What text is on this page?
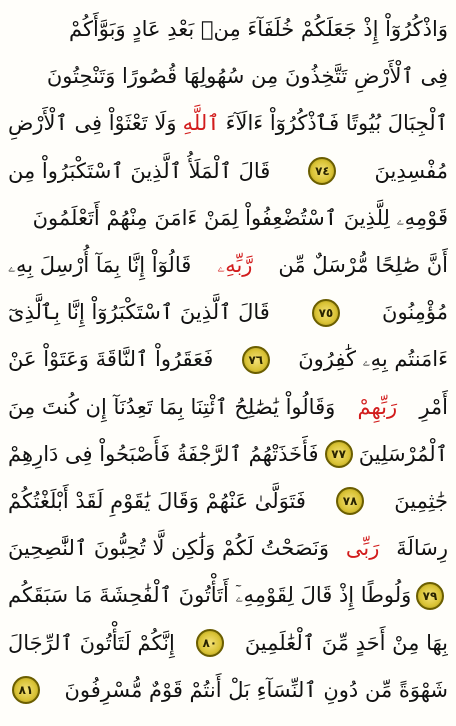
وَاذْكُرُوٓاْ إِذْ جَعَلَكُمْ خُلَفَآءَ مِنۢ بَعْدِ عَادٍ وَبَوَّأَكُمْ
فِى ٱلْأَرْضِ تَتَّخِذُونَ مِن سُهُولِهَا قُصُورًا وَتَنْحِتُونَ
ٱلْجِبَالَ بُيُوتًا فَٱذْكُرُوٓاْ ءَالَآءَ
ٱللَّهِ
وَلَا تَعْثَوْاْ فِى ٱلْأَرْضِ
مُفْسِدِينَ
٧٤
قَالَ ٱلْمَلَأُ ٱلَّذِينَ ٱسْتَكْبَرُواْ مِن
قَوْمِهِۦ لِلَّذِينَ ٱسْتُضْعِفُواْ لِمَنْ ءَامَنَ مِنْهُمْ أَتَعْلَمُونَ
أَنَّ صَٰلِحًا مُّرْسَلٌ مِّن
رَّبِّهِۦ
قَالُوٓاْ إِنَّا بِمَآ أُرْسِلَ بِهِۦ
مُؤْمِنُونَ
٧٥
قَالَ ٱلَّذِينَ ٱسْتَكْبَرُوٓاْ إِنَّا بِٱلَّذِىٓ
ءَامَنتُم بِهِۦ كَٰفِرُونَ
٧٦
فَعَقَرُواْ ٱلنَّاقَةَ وَعَتَوْاْ عَنْ
أَمْرِ
رَبِّهِمْ
وَقَالُواْ يَٰصَٰلِحُ ٱئْتِنَا بِمَا تَعِدُنَآ إِن كُنتَ مِنَ
ٱلْمُرْسَلِينَ
٧٧
فَأَخَذَتْهُمُ ٱلرَّجْفَةُ فَأَصْبَحُواْ فِى دَارِهِمْ
جَٰثِمِينَ
٧٨
فَتَوَلَّىٰ عَنْهُمْ وَقَالَ يَٰقَوْمِ لَقَدْ أَبْلَغْتُكُمْ
رِسَالَةَ
رَبِّى
وَنَصَحْتُ لَكُمْ وَلَٰكِن لَّا تُحِبُّونَ ٱلنَّٰصِحِينَ
٧٩
وَلُوطًا إِذْ قَالَ لِقَوْمِهِۦٓ أَتَأْتُونَ ٱلْفَٰحِشَةَ مَا سَبَقَكُم
بِهَا مِنْ أَحَدٍ مِّنَ ٱلْعَٰلَمِينَ
٨٠
إِنَّكُمْ لَتَأْتُونَ ٱلرِّجَالَ
شَهْوَةً مِّن دُونِ ٱلنِّسَآءِ بَلْ أَنتُمْ قَوْمٌ مُّسْرِفُونَ
٨١
